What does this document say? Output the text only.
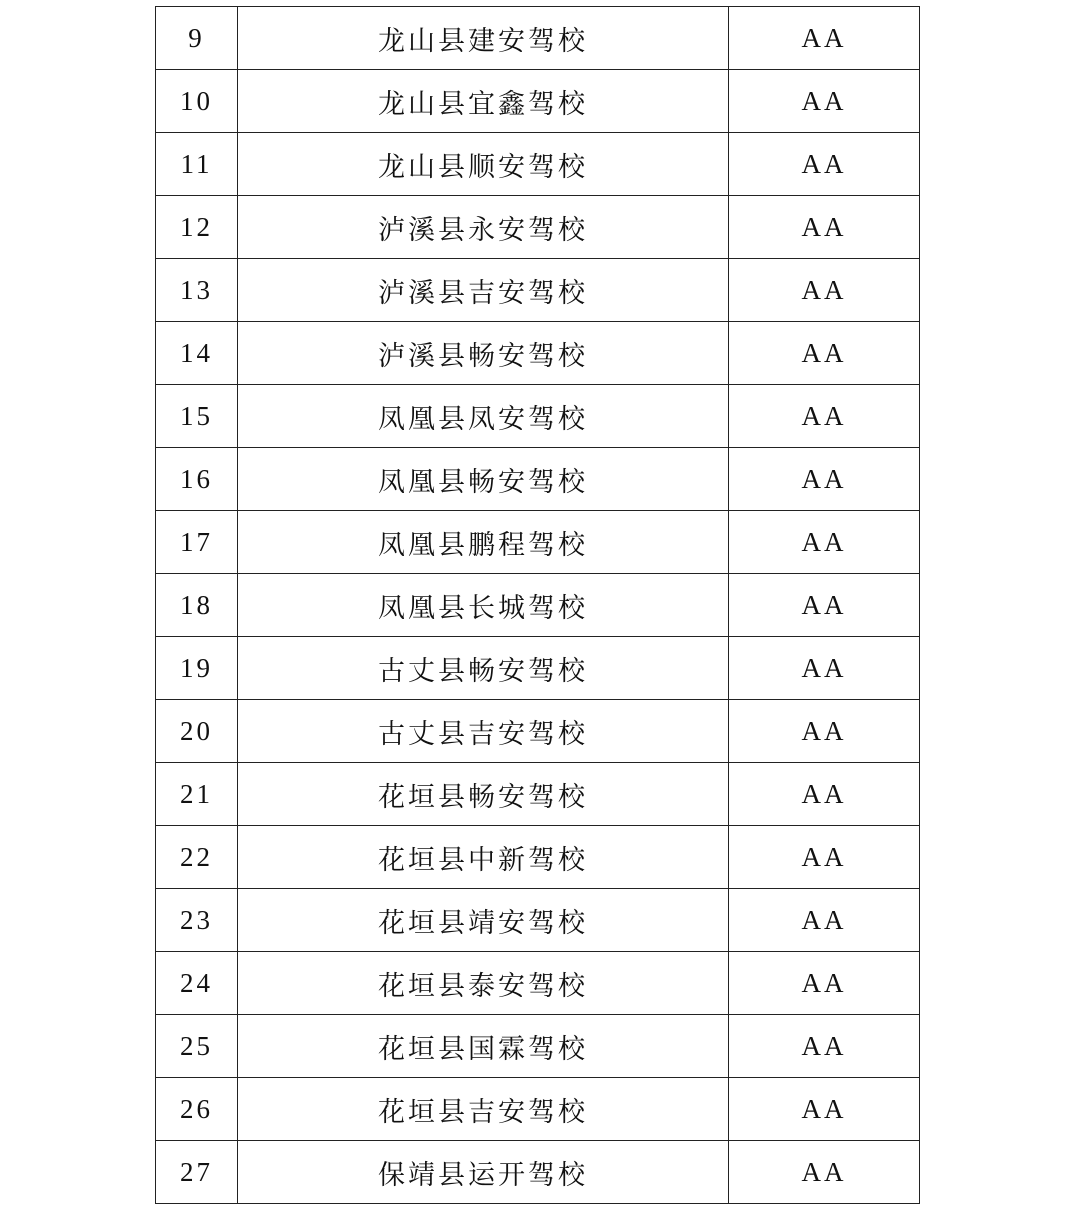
9	龙山县建安驾校	AA
10	龙山县宜鑫驾校	AA
11	龙山县顺安驾校	AA
12	泸溪县永安驾校	AA
13	泸溪县吉安驾校	AA
14	泸溪县畅安驾校	AA
15	凤凰县凤安驾校	AA
16	凤凰县畅安驾校	AA
17	凤凰县鹏程驾校	AA
18	凤凰县长城驾校	AA
19	古丈县畅安驾校	AA
20	古丈县吉安驾校	AA
21	花垣县畅安驾校	AA
22	花垣县中新驾校	AA
23	花垣县靖安驾校	AA
24	花垣县泰安驾校	AA
25	花垣县国霖驾校	AA
26	花垣县吉安驾校	AA
27	保靖县运开驾校	AA
